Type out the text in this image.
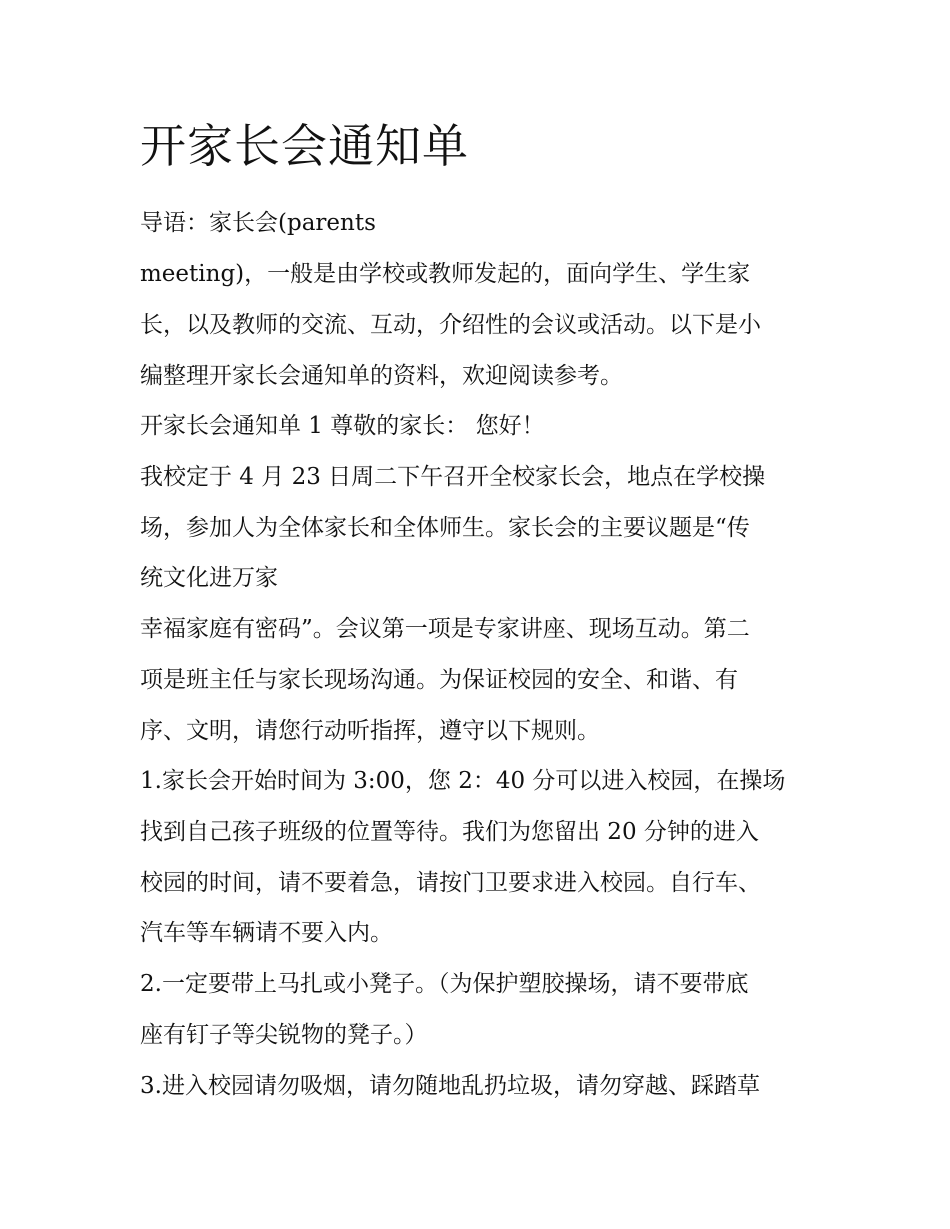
开家长会通知单

导语：家长会(parents

meeting)，一般是由学校或教师发起的，面向学生、学生家

长，以及教师的交流、互动，介绍性的会议或活动。以下是小

编整理开家长会通知单的资料，欢迎阅读参考。

开家长会通知单 1 尊敬的家长： 您好！

我校定于 4 月 23 日周二下午召开全校家长会，地点在学校操

场，参加人为全体家长和全体师生。家长会的主要议题是“传

统文化进万家

幸福家庭有密码”。会议第一项是专家讲座、现场互动。第二

项是班主任与家长现场沟通。为保证校园的安全、和谐、有

序、文明，请您行动听指挥，遵守以下规则。

1.家长会开始时间为 3:00，您 2：40 分可以进入校园，在操场

找到自己孩子班级的位置等待。我们为您留出 20 分钟的进入

校园的时间，请不要着急，请按门卫要求进入校园。自行车、

汽车等车辆请不要入内。

2.一定要带上马扎或小凳子。（为保护塑胶操场，请不要带底

座有钉子等尖锐物的凳子。）

3.进入校园请勿吸烟，请勿随地乱扔垃圾，请勿穿越、踩踏草
